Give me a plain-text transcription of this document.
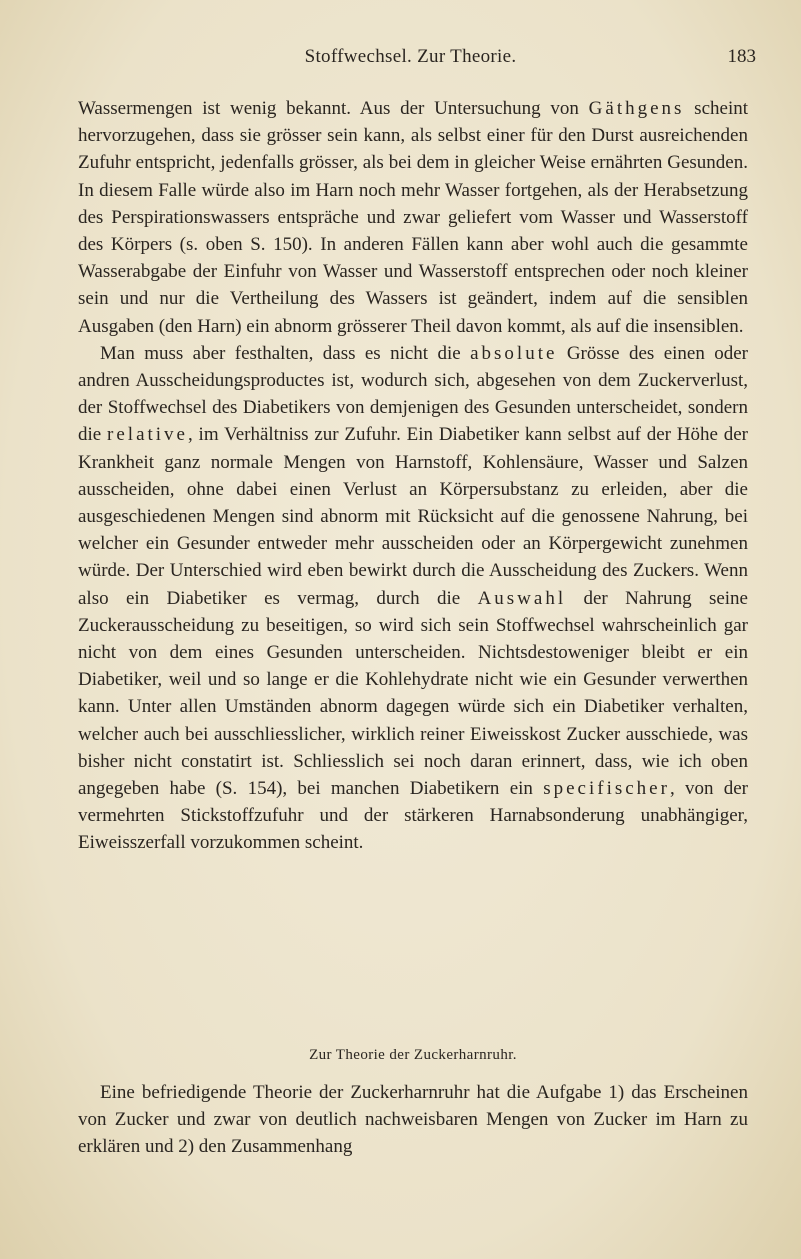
Stoffwechsel. Zur Theorie.	183

Wassermengen ist wenig bekannt. Aus der Untersuchung von Gäthgens scheint hervorzugehen, dass sie grösser sein kann, als selbst einer für den Durst ausreichenden Zufuhr entspricht, jedenfalls grösser, als bei dem in gleicher Weise ernährten Gesunden. In diesem Falle würde also im Harn noch mehr Wasser fortgehen, als der Herabsetzung des Perspirationswassers entspräche und zwar geliefert vom Wasser und Wasserstoff des Körpers (s. oben S. 150). In anderen Fällen kann aber wohl auch die gesammte Wasserabgabe der Einfuhr von Wasser und Wasserstoff entsprechen oder noch kleiner sein und nur die Vertheilung des Wassers ist geändert, indem auf die sensiblen Ausgaben (den Harn) ein abnorm grösserer Theil davon kommt, als auf die insensiblen.

Man muss aber festhalten, dass es nicht die absolute Grösse des einen oder andren Ausscheidungsproductes ist, wodurch sich, abgesehen von dem Zuckerverlust, der Stoffwechsel des Diabetikers von demjenigen des Gesunden unterscheidet, sondern die relative, im Verhältniss zur Zufuhr. Ein Diabetiker kann selbst auf der Höhe der Krankheit ganz normale Mengen von Harnstoff, Kohlensäure, Wasser und Salzen ausscheiden, ohne dabei einen Verlust an Körpersubstanz zu erleiden, aber die ausgeschiedenen Mengen sind abnorm mit Rücksicht auf die genossene Nahrung, bei welcher ein Gesunder entweder mehr ausscheiden oder an Körpergewicht zunehmen würde. Der Unterschied wird eben bewirkt durch die Ausscheidung des Zuckers. Wenn also ein Diabetiker es vermag, durch die Auswahl der Nahrung seine Zuckerausscheidung zu beseitigen, so wird sich sein Stoffwechsel wahrscheinlich gar nicht von dem eines Gesunden unterscheiden. Nichtsdestoweniger bleibt er ein Diabetiker, weil und so lange er die Kohlehydrate nicht wie ein Gesunder verwerthen kann. Unter allen Umständen abnorm dagegen würde sich ein Diabetiker verhalten, welcher auch bei ausschliesslicher, wirklich reiner Eiweisskost Zucker ausschiede, was bisher nicht constatirt ist. Schliesslich sei noch daran erinnert, dass, wie ich oben angegeben habe (S. 154), bei manchen Diabetikern ein specifischer, von der vermehrten Stickstoffzufuhr und der stärkeren Harnabsonderung unabhängiger, Eiweisszerfall vorzukommen scheint.

Zur Theorie der Zuckerharnruhr.

Eine befriedigende Theorie der Zuckerharnruhr hat die Aufgabe 1) das Erscheinen von Zucker und zwar von deutlich nachweisbaren Mengen von Zucker im Harn zu erklären und 2) den Zusammenhang
